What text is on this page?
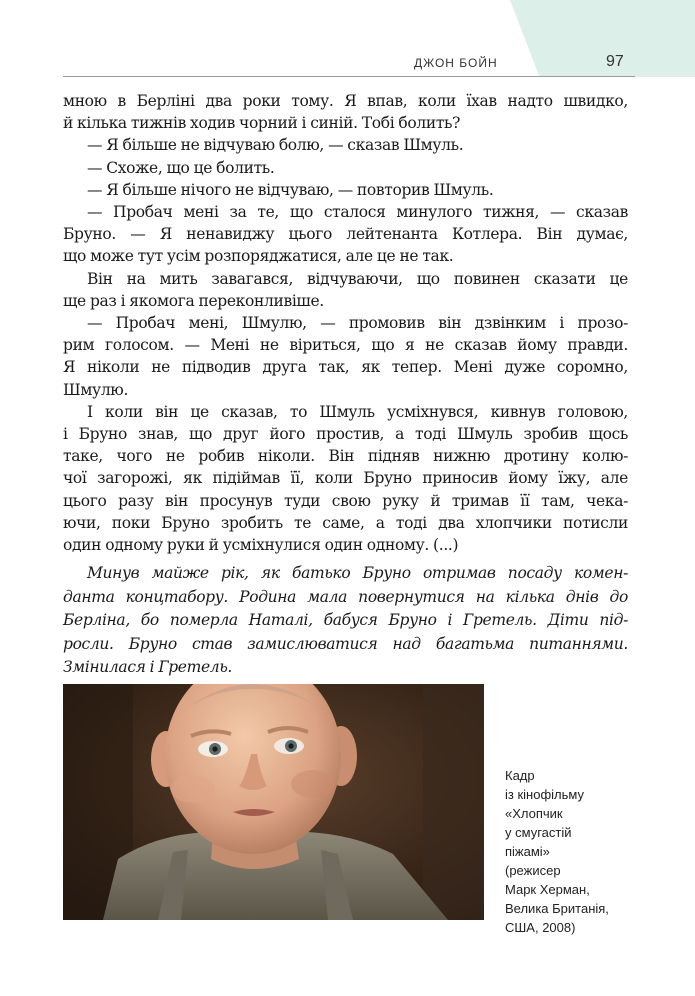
ДЖОН БОЙН	97

мною в Берліні два роки тому. Я впав, коли їхав надто швидко,
й кілька тижнів ходив чорний і синій. Тобі болить?

— Я більше не відчуваю болю, — сказав Шмуль.

— Схоже, що це болить.

— Я більше нічого не відчуваю, — повторив Шмуль.

— Пробач мені за те, що сталося минулого тижня, — сказав
Бруно. — Я ненавиджу цього лейтенанта Котлера. Він думає,
що може тут усім розпоряджатися, але це не так.

Він на мить завагався, відчуваючи, що повинен сказати це
ще раз і якомога переконливіше.

— Пробач мені, Шмулю, — промовив він дзвінким і прозо-
рим голосом. — Мені не віриться, що я не сказав йому правди.
Я ніколи не підводив друга так, як тепер. Мені дуже соромно,
Шмулю.

І коли він це сказав, то Шмуль усміхнувся, кивнув головою,
і Бруно знав, що друг його простив, а тоді Шмуль зробив щось
таке, чого не робив ніколи. Він підняв нижню дротину колю-
чої загорожі, як підіймав її, коли Бруно приносив йому їжу, але
цього разу він просунув туди свою руку й тримав її там, чека-
ючи, поки Бруно зробить те саме, а тоді два хлопчики потисли
один одному руки й усміхнулися один одному. (...)

Минув майже рік, як батько Бруно отримав посаду комен-
данта концтабору. Родина мала повернутися на кілька днів до
Берліна, бо померла Наталі, бабуся Бруно і Гретель. Діти під-
росли. Бруно став замислюватися над багатьма питаннями.
Змінилася і Гретель.
Кадр
із кінофільму
«Хлопчик
у смугастій
піжамі»
(режисер
Марк Херман,
Велика Британія,
США, 2008)
